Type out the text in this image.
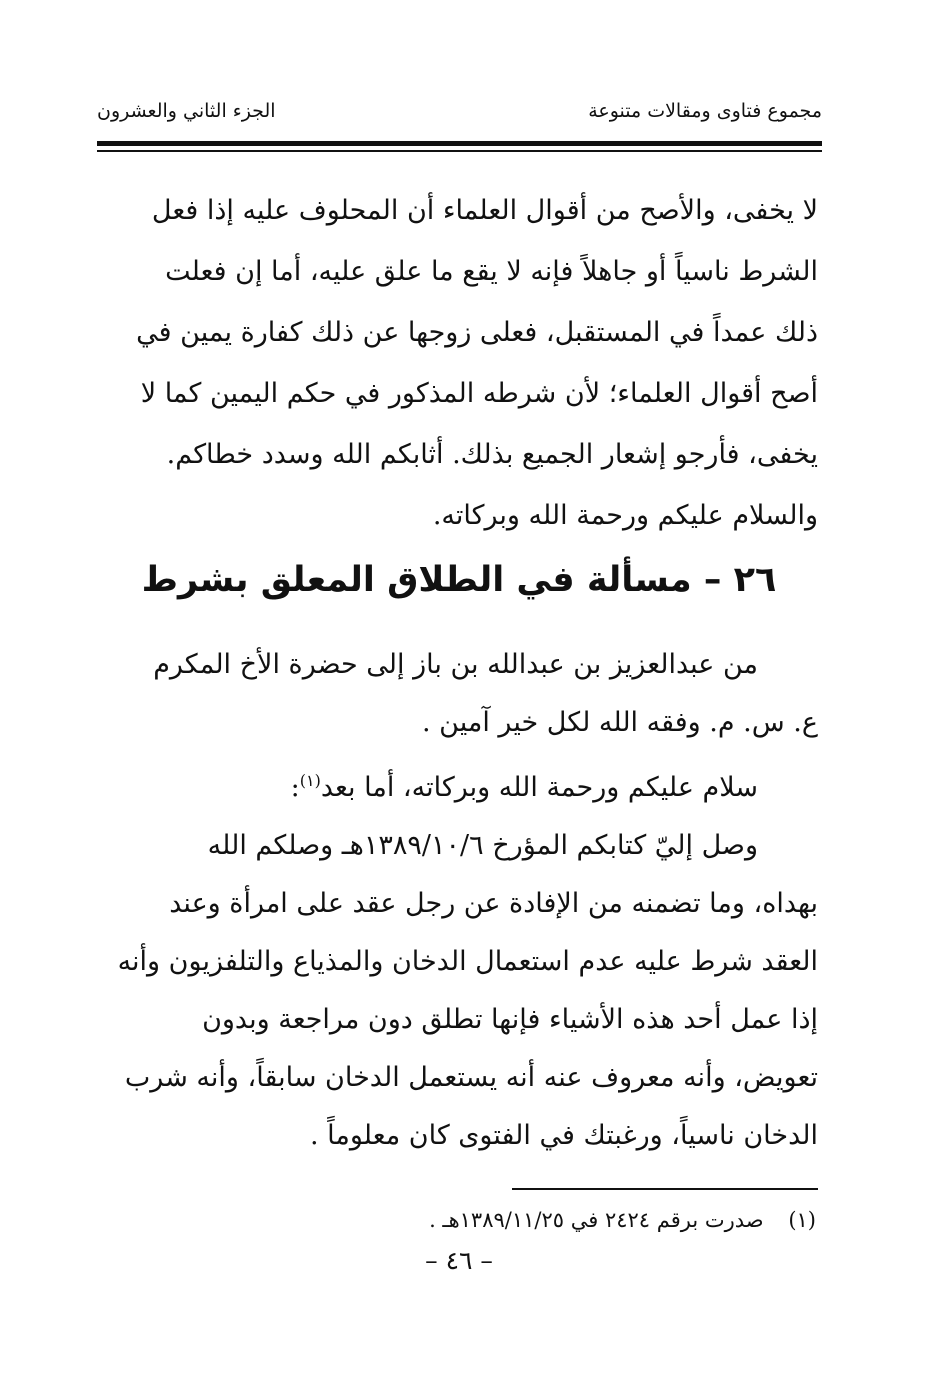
مجموع فتاوى ومقالات متنوعة
الجزء الثاني والعشرون

لا يخفى، والأصح من أقوال العلماء أن المحلوف عليه إذا فعل

الشرط ناسياً أو جاهلاً فإنه لا يقع ما علق عليه، أما إن فعلت

ذلك عمداً في المستقبل، فعلى زوجها عن ذلك كفارة يمين في

أصح أقوال العلماء؛ لأن شرطه المذكور في حكم اليمين كما لا

يخفى، فأرجو إشعار الجميع بذلك. أثابكم الله وسدد خطاكم.

والسلام عليكم ورحمة الله وبركاته.

٢٦ – مسألة في الطلاق المعلق بشرط

من عبدالعزيز بن عبدالله بن باز إلى حضرة الأخ المكرم

ع. س. م. وفقه الله لكل خير آمين .

سلام عليكم ورحمة الله وبركاته، أما بعد$^{(١)}$:

وصل إليّ كتابكم المؤرخ ١٣٨٩/١٠/٦هـ وصلكم الله

بهداه، وما تضمنه من الإفادة عن رجل عقد على امرأة وعند

العقد شرط عليه عدم استعمال الدخان والمذياع والتلفزيون وأنه

إذا عمل أحد هذه الأشياء فإنها تطلق دون مراجعة وبدون

تعويض، وأنه معروف عنه أنه يستعمل الدخان سابقاً، وأنه شرب

الدخان ناسياً، ورغبتك في الفتوى كان معلوماً .

(١) صدرت برقم ٢٤٢٤ في ١٣٨٩/١١/٢٥هـ .
– ٤٦ –
